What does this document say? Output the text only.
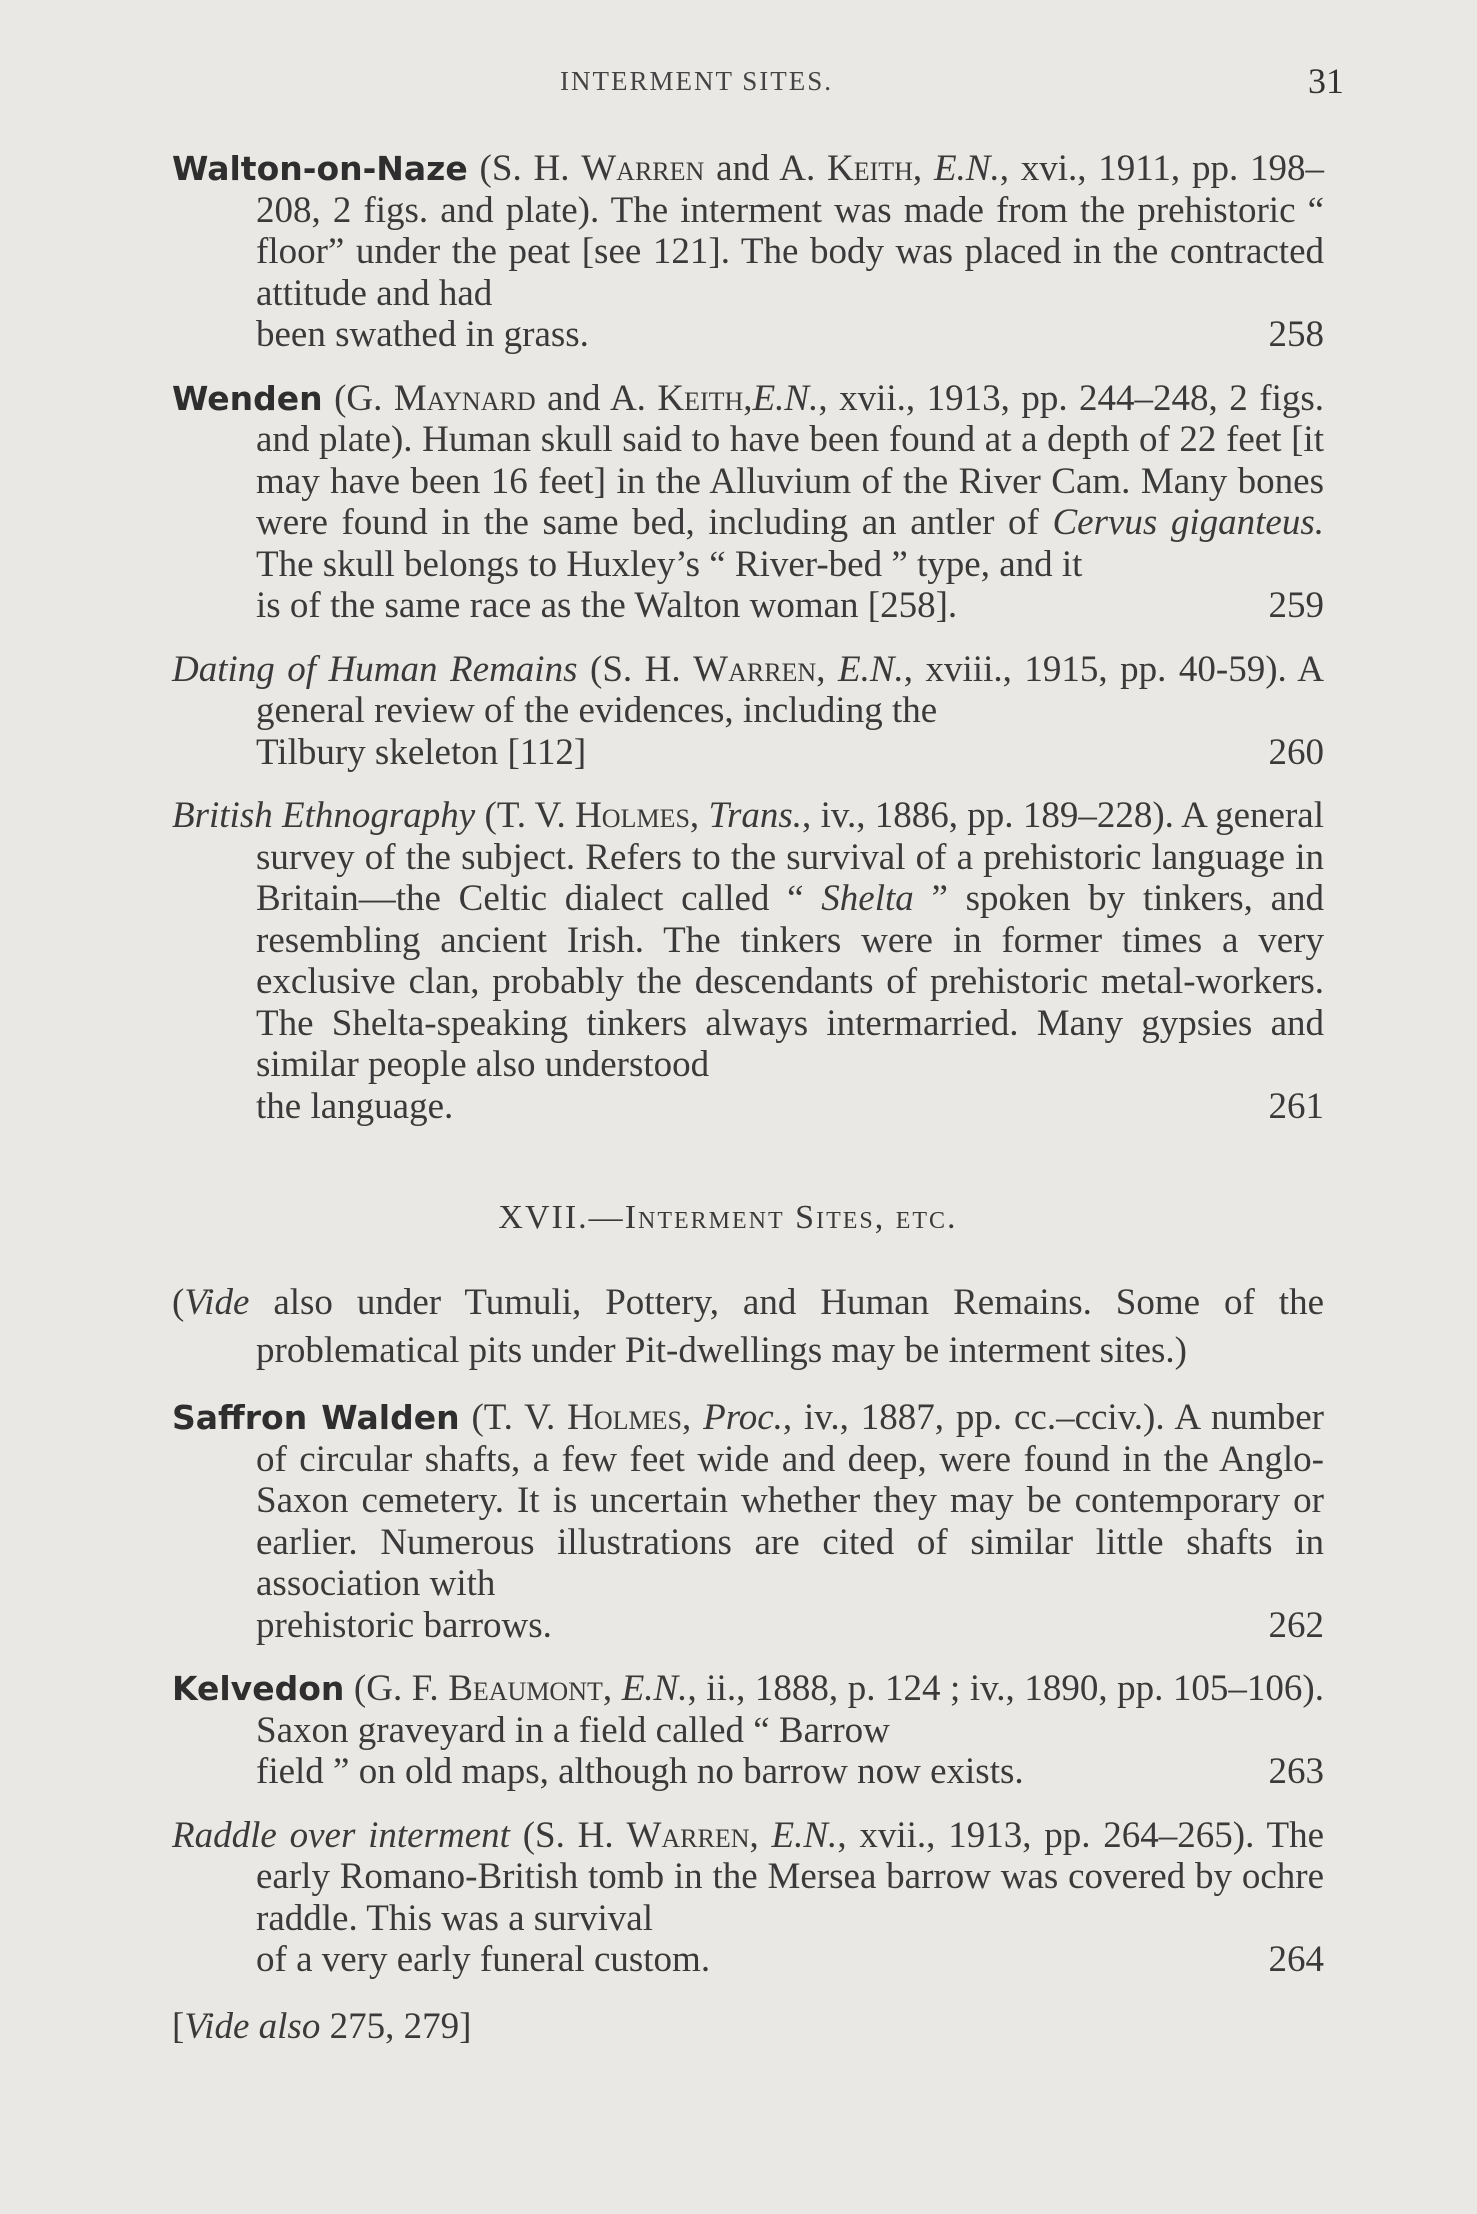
INTERMENT SITES.	31

Walton-on-Naze (S. H. Warren and A. Keith, E.N., xvi., 1911, pp. 198–208, 2 figs. and plate). The interment was made from the prehistoric “ floor” under the peat [see 121]. The body was placed in the contracted attitude and had
been swathed in grass.	258

Wenden (G. Maynard and A. Keith,E.N., xvii., 1913, pp. 244–248, 2 figs. and plate). Human skull said to have been found at a depth of 22 feet [it may have been 16 feet] in the Alluvium of the River Cam. Many bones were found in the same bed, including an antler of Cervus giganteus. The skull belongs to Huxley’s “ River-bed ” type, and it
is of the same race as the Walton woman [258].	259

Dating of Human Remains (S. H. Warren, E.N., xviii., 1915, pp. 40-59). A general review of the evidences, including the
Tilbury skeleton [112]	260

British Ethnography (T. V. Holmes, Trans., iv., 1886, pp. 189–228). A general survey of the subject. Refers to the survival of a prehistoric language in Britain—the Celtic dialect called “ Shelta ” spoken by tinkers, and resembling ancient Irish. The tinkers were in former times a very exclusive clan, probably the descendants of prehistoric metal-workers. The Shelta-speaking tinkers always intermarried. Many gypsies and similar people also understood
the language.	261

XVII.—Interment Sites, etc.

(Vide also under Tumuli, Pottery, and Human Remains. Some of the problematical pits under Pit-dwellings may be interment sites.)

Saffron Walden (T. V. Holmes, Proc., iv., 1887, pp. cc.–cciv.). A number of circular shafts, a few feet wide and deep, were found in the Anglo-Saxon cemetery. It is uncertain whether they may be contemporary or earlier. Numerous illustrations are cited of similar little shafts in association with
prehistoric barrows.	262

Kelvedon (G. F. Beaumont, E.N., ii., 1888, p. 124 ; iv., 1890, pp. 105–106). Saxon graveyard in a field called “ Barrow
field ” on old maps, although no barrow now exists.	263

Raddle over interment (S. H. Warren, E.N., xvii., 1913, pp. 264–265). The early Romano-British tomb in the Mersea barrow was covered by ochre raddle. This was a survival
of a very early funeral custom.	264

[Vide also 275, 279]
